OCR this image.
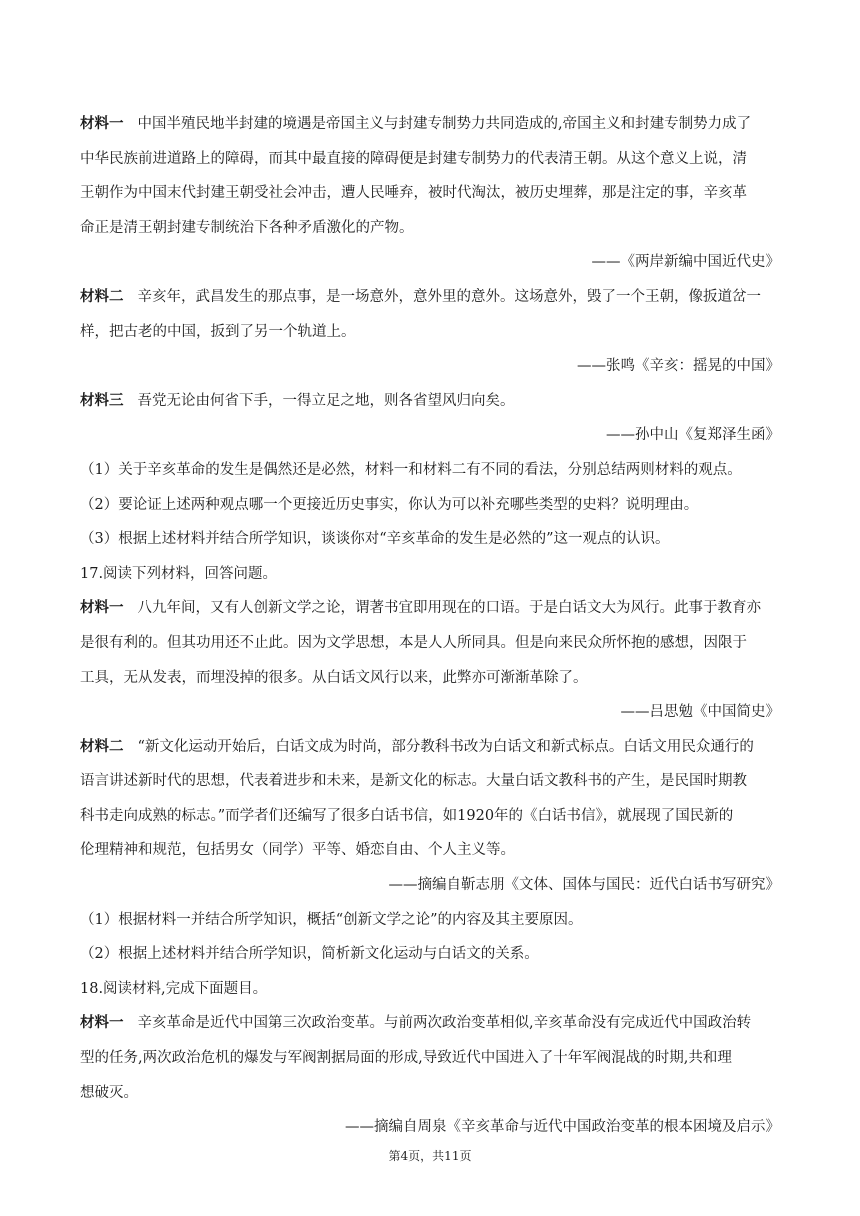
材料一 中国半殖民地半封建的境遇是帝国主义与封建专制势力共同造成的,帝国主义和封建专制势力成了
中华民族前进道路上的障碍，而其中最直接的障碍便是封建专制势力的代表清王朝。从这个意义上说，清
王朝作为中国末代封建王朝受社会冲击，遭人民唾弃，被时代淘汰，被历史埋葬，那是注定的事，辛亥革
命正是清王朝封建专制统治下各种矛盾激化的产物。
——《两岸新编中国近代史》
材料二 辛亥年，武昌发生的那点事，是一场意外，意外里的意外。这场意外，毁了一个王朝，像扳道岔一
样，把古老的中国，扳到了另一个轨道上。
——张鸣《辛亥：摇晃的中国》
材料三 吾党无论由何省下手，一得立足之地，则各省望风归向矣。
——孙中山《复郑泽生函》
（1）关于辛亥革命的发生是偶然还是必然，材料一和材料二有不同的看法，分别总结两则材料的观点。
（2）要论证上述两种观点哪一个更接近历史事实，你认为可以补充哪些类型的史料？说明理由。
（3）根据上述材料并结合所学知识，谈谈你对“辛亥革命的发生是必然的”这一观点的认识。
17.阅读下列材料，回答问题。
材料一 八九年间，又有人创新文学之论，谓著书宜即用现在的口语。于是白话文大为风行。此事于教育亦
是很有利的。但其功用还不止此。因为文学思想，本是人人所同具。但是向来民众所怀抱的感想，因限于
工具，无从发表，而埋没掉的很多。从白话文风行以来，此弊亦可渐渐革除了。
——吕思勉《中国简史》
材料二 “新文化运动开始后，白话文成为时尚，部分教科书改为白话文和新式标点。白话文用民众通行的
语言讲述新时代的思想，代表着进步和未来，是新文化的标志。大量白话文教科书的产生，是民国时期教
科书走向成熟的标志。”而学者们还编写了很多白话书信，如1920年的《白话书信》，就展现了国民新的
伦理精神和规范，包括男女（同学）平等、婚恋自由、个人主义等。
——摘编自靳志朋《文体、国体与国民：近代白话书写研究》
（1）根据材料一并结合所学知识，概括“创新文学之论”的内容及其主要原因。
（2）根据上述材料并结合所学知识，简析新文化运动与白话文的关系。
18.阅读材料,完成下面题目。
材料一 辛亥革命是近代中国第三次政治变革。与前两次政治变革相似,辛亥革命没有完成近代中国政治转
型的任务,两次政治危机的爆发与军阀割据局面的形成,导致近代中国进入了十年军阀混战的时期,共和理
想破灭。
——摘编自周泉《辛亥革命与近代中国政治变革的根本困境及启示》
第4页，共11页
